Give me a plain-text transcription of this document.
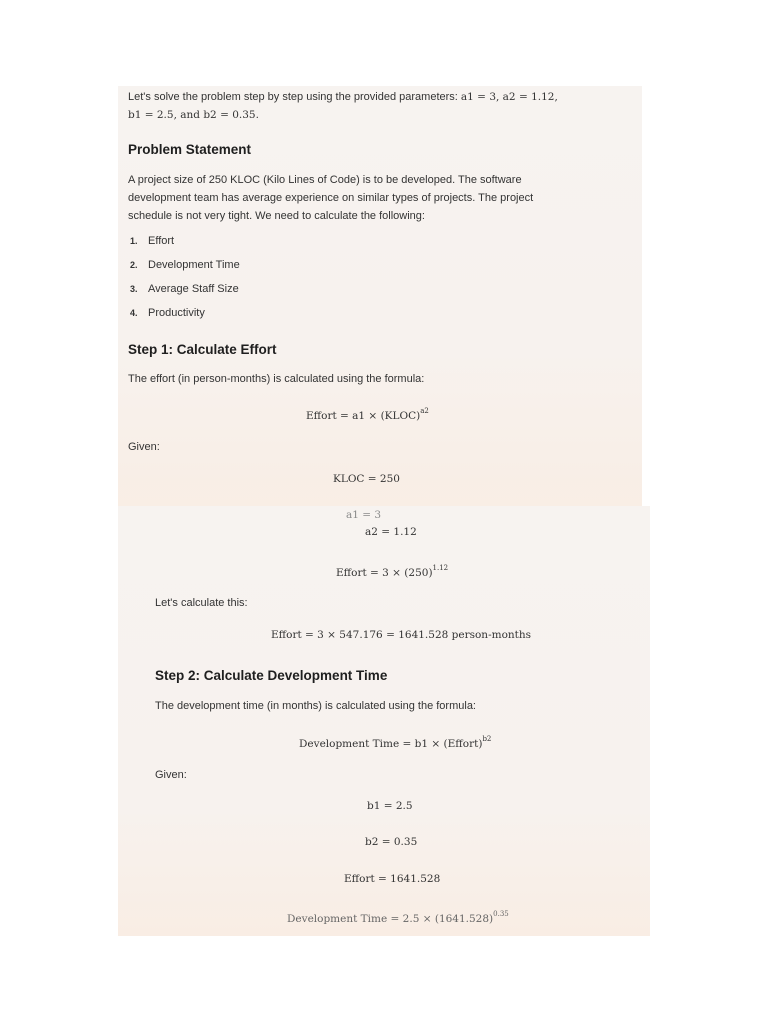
Let's solve the problem step by step using the provided parameters: a1 = 3, a2 = 1.12,
b1 = 2.5, and b2 = 0.35.
Problem Statement
A project size of 250 KLOC (Kilo Lines of Code) is to be developed. The software
development team has average experience on similar types of projects. The project
schedule is not very tight. We need to calculate the following:
1. Effort
2. Development Time
3. Average Staff Size
4. Productivity
Step 1: Calculate Effort
The effort (in person-months) is calculated using the formula:
Effort = a1 × (KLOC)$^{a2}$
Given:
KLOC = 250
a1 = 3
a2 = 1.12
Effort = $3 \times (250)^{1.12}$
Let's calculate this:
Effort = 3 × 547.176 = 1641.528 person-months
Step 2: Calculate Development Time
The development time (in months) is calculated using the formula:
Development Time = b1 × (Effort)$^{b2}$
Given:
b1 = 2.5
b2 = 0.35
Effort = 1641.528
Development Time = $2.5 \times (1641.528)^{0.35}$
